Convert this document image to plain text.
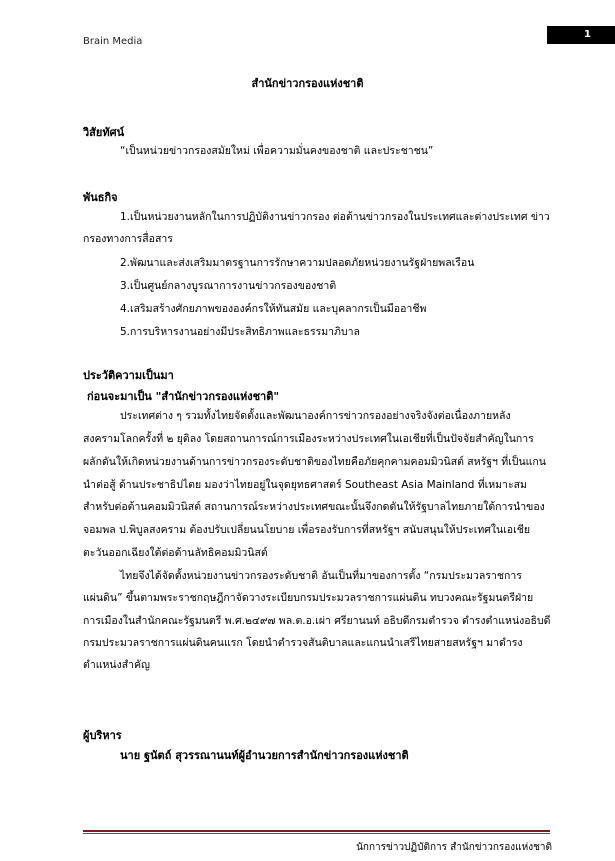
1
Brain Media
สำนักข่าวกรองแห่งชาติ
วิสัยทัศน์
“เป็นหน่วยข่าวกรองสมัยใหม่ เพื่อความมั่นคงของชาติ และประชาชน”
พันธกิจ
1.เป็นหน่วยงานหลักในการปฏิบัติงานข่าวกรอง ต่อต้านข่าวกรองในประเทศและต่างประเทศ ข่าว
กรองทางการสื่อสาร
2.พัฒนาและส่งเสริมมาตรฐานการรักษาความปลอดภัยหน่วยงานรัฐฝ่ายพลเรือน
3.เป็นศูนย์กลางบูรณาการงานข่าวกรองของชาติ
4.เสริมสร้างศักยภาพขององค์กรให้ทันสมัย และบุคลากรเป็นมืออาชีพ
5.การบริหารงานอย่างมีประสิทธิภาพและธรรมาภิบาล
ประวัติความเป็นมา
ก่อนจะมาเป็น "สำนักข่าวกรองแห่งชาติ"
ประเทศต่าง ๆ รวมทั้งไทยจัดตั้งและพัฒนาองค์การข่าวกรองอย่างจริงจังต่อเนื่องภายหลัง
สงครามโลกครั้งที่ ๒ ยุติลง โดยสถานการณ์การเมืองระหว่างประเทศในเอเชียที่เป็นปัจจัยสำคัญในการ
ผลักดันให้เกิดหน่วยงานด้านการข่าวกรองระดับชาติของไทยคือภัยคุกคามคอมมิวนิสต์ สหรัฐฯ ที่เป็นแกน
นำต่อสู้ ด้านประชาธิปไตย มองว่าไทยอยู่ในจุดยุทธศาสตร์ Southeast Asia Mainland ที่เหมาะสม
สำหรับต่อต้านคอมมิวนิสต์ สถานการณ์ระหว่างประเทศขณะนั้นจึงกดดันให้รัฐบาลไทยภายใต้การนำของ
จอมพล ป.พิบูลสงคราม ต้องปรับเปลี่ยนนโยบาย เพื่อรองรับการที่สหรัฐฯ สนับสนุนให้ประเทศในเอเชีย
ตะวันออกเฉียงใต้ต่อต้านลัทธิคอมมิวนิสต์
ไทยจึงได้จัดตั้งหน่วยงานข่าวกรองระดับชาติ อันเป็นที่มาของการตั้ง “กรมประมวลราชการ
แผ่นดิน” ขึ้นตามพระราชกฤษฎีกาจัดวางระเบียบกรมประมวลราชการแผ่นดิน ทบวงคณะรัฐมนตรีฝ่าย
การเมืองในสำนักคณะรัฐมนตรี พ.ศ.๒๔๙๗ พล.ต.อ.เผ่า ศรียานนท์ อธิบดีกรมตำรวจ ดำรงตำแหน่งอธิบดี
กรมประมวลราชการแผ่นดินคนแรก โดยนำตำรวจสันติบาลและแกนนำเสรีไทยสายสหรัฐฯ มาดำรง
ตำแหน่งสำคัญ
ผู้บริหาร
นาย ฐนัตถ์ สุวรรณานนท์ผู้อำนวยการสำนักข่าวกรองแห่งชาติ
นักการข่าวปฏิบัติการ สำนักข่าวกรองแห่งชาติ
